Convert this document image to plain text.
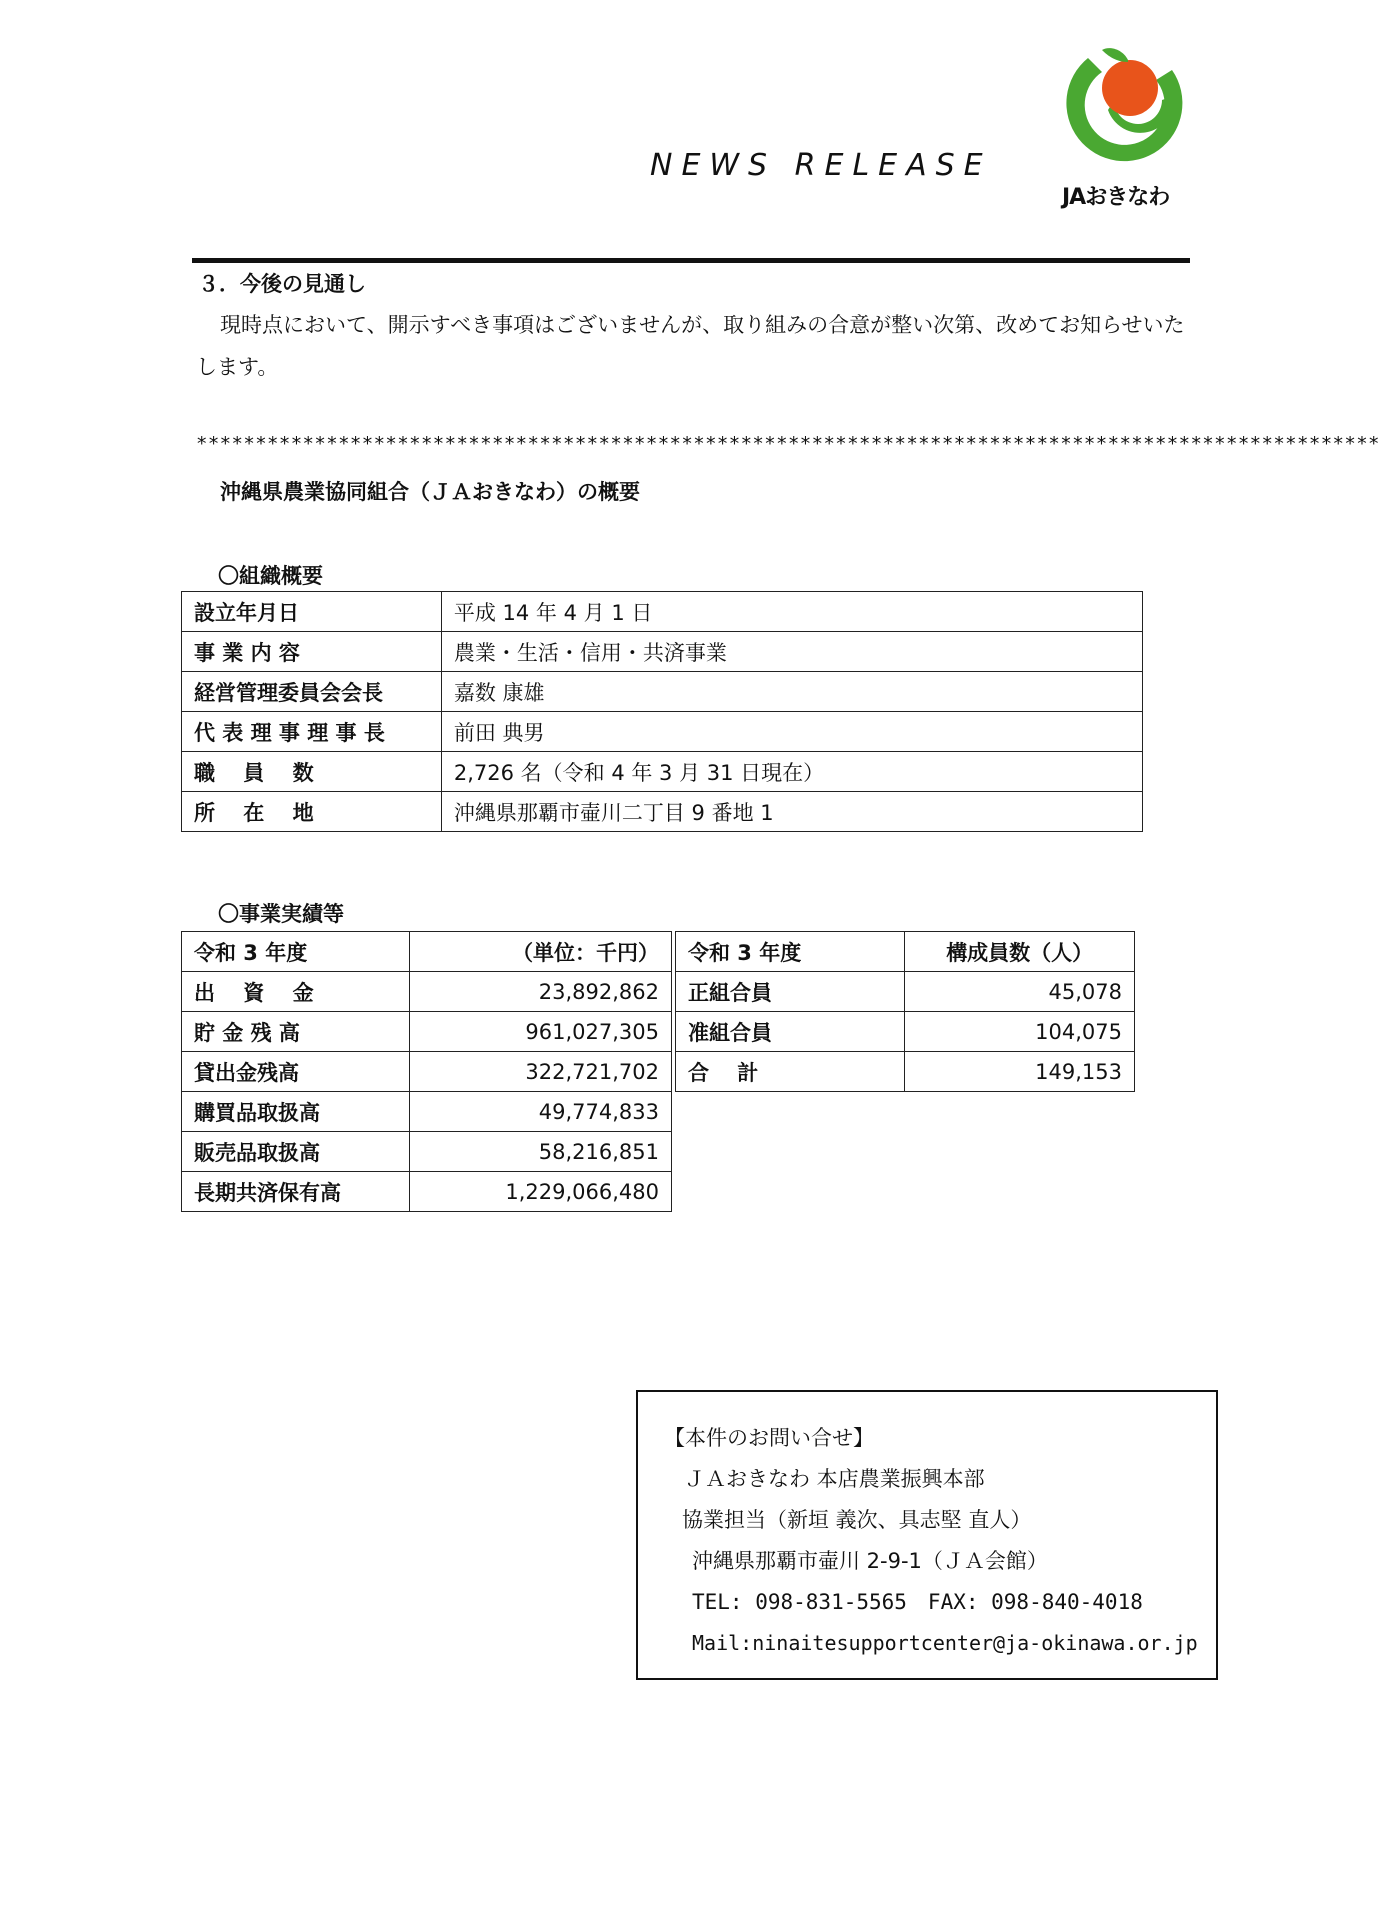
NEWS RELEASE
JAおきなわ
３．今後の見通し
現時点において、開示すべき事項はございませんが、取り組みの合意が整い次第、改めてお知らせいたします。
****************************************************************************************************
沖縄県農業協同組合（ＪＡおきなわ）の概要
〇組織概要
設立年月日	平成 14 年 4 月 1 日
事 業 内 容	農業・生活・信用・共済事業
経営管理委員会会長	嘉数 康雄
代 表 理 事 理 事 長	前田 典男
職　 員　 数	2,726 名（令和 4 年 3 月 31 日現在）
所　 在　 地	沖縄県那覇市壷川二丁目 9 番地 1
〇事業実績等
令和 3 年度	（単位：千円）
出　 資　 金	23,892,862
貯 金 残 高	961,027,305
貸出金残高	322,721,702
購買品取扱高	49,774,833
販売品取扱高	58,216,851
長期共済保有高	1,229,066,480
令和 3 年度	構成員数（人）
正組合員	45,078
准組合員	104,075
合　 計	149,153
【本件のお問い合せ】
ＪＡおきなわ 本店農業振興本部
協業担当（新垣 義次、具志堅 直人）
沖縄県那覇市壷川 2-9-1（ＪＡ会館）
TEL: 098-831-5565　FAX: 098-840-4018
Mail:ninaitesupportcenter@ja-okinawa.or.jp
